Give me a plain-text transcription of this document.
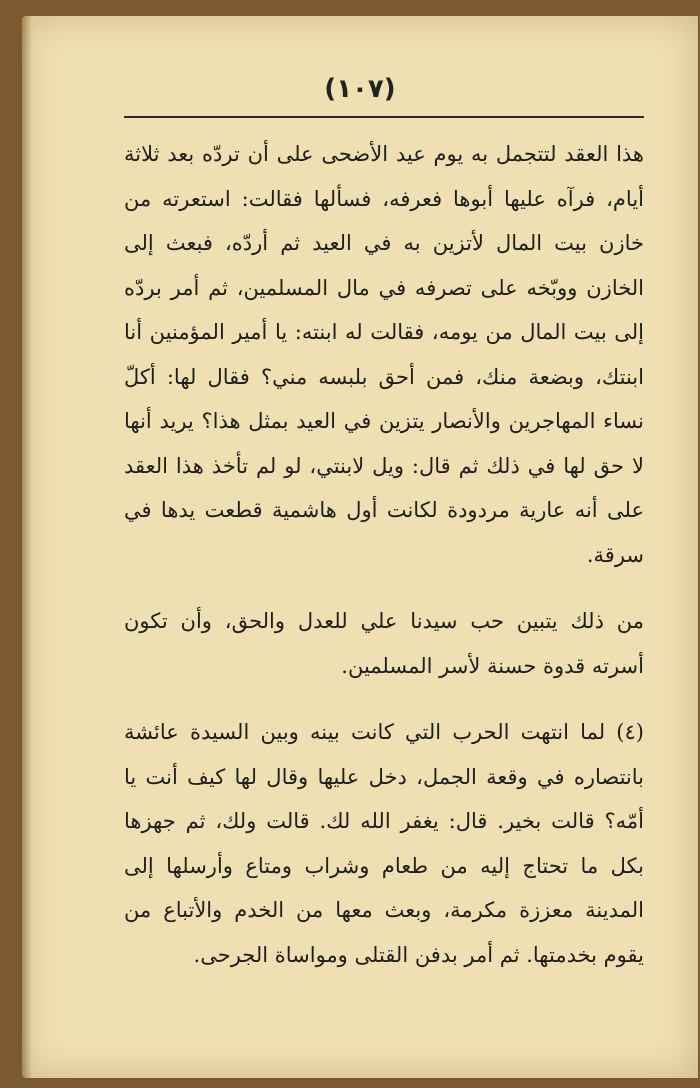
(١٠٧)

هذا العقد لتتجمل به يوم عيد الأضحى على أن تردّه بعد ثلاثة أيام، فرآه عليها أبوها فعرفه، فسألها فقالت: استعرته من خازن بيت المال لأتزين به في العيد ثم أردّه، فبعث إلى الخازن ووبّخه على تصرفه في مال المسلمين، ثم أمر بردّه إلى بيت المال من يومه، فقالت له ابنته: يا أمير المؤمنين أنا ابنتك، وبضعة منك، فمن أحق بلبسه مني؟ فقال لها: أكلّ نساء المهاجرين والأنصار يتزين في العيد بمثل هذا؟ يريد أنها لا حق لها في ذلك ثم قال: ويل لابنتي، لو لم تأخذ هذا العقد على أنه عارية مردودة لكانت أول هاشمية قطعت يدها في سرقة.

من ذلك يتبين حب سيدنا علي للعدل والحق، وأن تكون أسرته قدوة حسنة لأسر المسلمين.

(٤) لما انتهت الحرب التي كانت بينه وبين السيدة عائشة بانتصاره في وقعة الجمل، دخل عليها وقال لها كيف أنت يا أمّه؟ قالت بخير. قال: يغفر الله لك. قالت ولك، ثم جهزها بكل ما تحتاج إليه من طعام وشراب ومتاع وأرسلها إلى المدينة معززة مكرمة، وبعث معها من الخدم والأتباع من يقوم بخدمتها. ثم أمر بدفن القتلى ومواساة الجرحى.
